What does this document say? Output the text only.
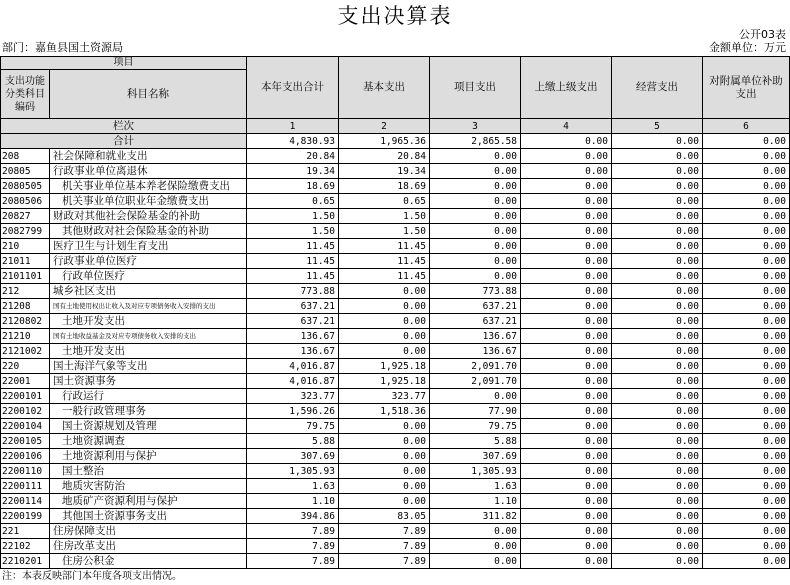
支出决算表
公开03表
部门：嘉鱼县国土资源局	金额单位：万元
项目		本年支出合计	基本支出	项目支出	上缴上级支出	经营支出	对附属单位补助支出
支出功能分类科目编码	科目名称						
栏次		1	2	3	4	5	6
合计		4,830.93	1,965.36	2,865.58	0.00	0.00	0.00
208	社会保障和就业支出	20.84	20.84	0.00	0.00	0.00	0.00
20805	行政事业单位离退休	19.34	19.34	0.00	0.00	0.00	0.00
2080505	机关事业单位基本养老保险缴费支出	18.69	18.69	0.00	0.00	0.00	0.00
2080506	机关事业单位职业年金缴费支出	0.65	0.65	0.00	0.00	0.00	0.00
20827	财政对其他社会保险基金的补助	1.50	1.50	0.00	0.00	0.00	0.00
2082799	其他财政对社会保险基金的补助	1.50	1.50	0.00	0.00	0.00	0.00
210	医疗卫生与计划生育支出	11.45	11.45	0.00	0.00	0.00	0.00
21011	行政事业单位医疗	11.45	11.45	0.00	0.00	0.00	0.00
2101101	行政单位医疗	11.45	11.45	0.00	0.00	0.00	0.00
212	城乡社区支出	773.88	0.00	773.88	0.00	0.00	0.00
21208	国有土地使用权出让收入及对应专项债务收入安排的支出	637.21	0.00	637.21	0.00	0.00	0.00
2120802	土地开发支出	637.21	0.00	637.21	0.00	0.00	0.00
21210	国有土地收益基金及对应专项债务收入安排的支出	136.67	0.00	136.67	0.00	0.00	0.00
2121002	土地开发支出	136.67	0.00	136.67	0.00	0.00	0.00
220	国土海洋气象等支出	4,016.87	1,925.18	2,091.70	0.00	0.00	0.00
22001	国土资源事务	4,016.87	1,925.18	2,091.70	0.00	0.00	0.00
2200101	行政运行	323.77	323.77	0.00	0.00	0.00	0.00
2200102	一般行政管理事务	1,596.26	1,518.36	77.90	0.00	0.00	0.00
2200104	国土资源规划及管理	79.75	0.00	79.75	0.00	0.00	0.00
2200105	土地资源调查	5.88	0.00	5.88	0.00	0.00	0.00
2200106	土地资源利用与保护	307.69	0.00	307.69	0.00	0.00	0.00
2200110	国土整治	1,305.93	0.00	1,305.93	0.00	0.00	0.00
2200111	地质灾害防治	1.63	0.00	1.63	0.00	0.00	0.00
2200114	地质矿产资源利用与保护	1.10	0.00	1.10	0.00	0.00	0.00
2200199	其他国土资源事务支出	394.86	83.05	311.82	0.00	0.00	0.00
221	住房保障支出	7.89	7.89	0.00	0.00	0.00	0.00
22102	住房改革支出	7.89	7.89	0.00	0.00	0.00	0.00
2210201	住房公积金	7.89	7.89	0.00	0.00	0.00	0.00
注：本表反映部门本年度各项支出情况。
